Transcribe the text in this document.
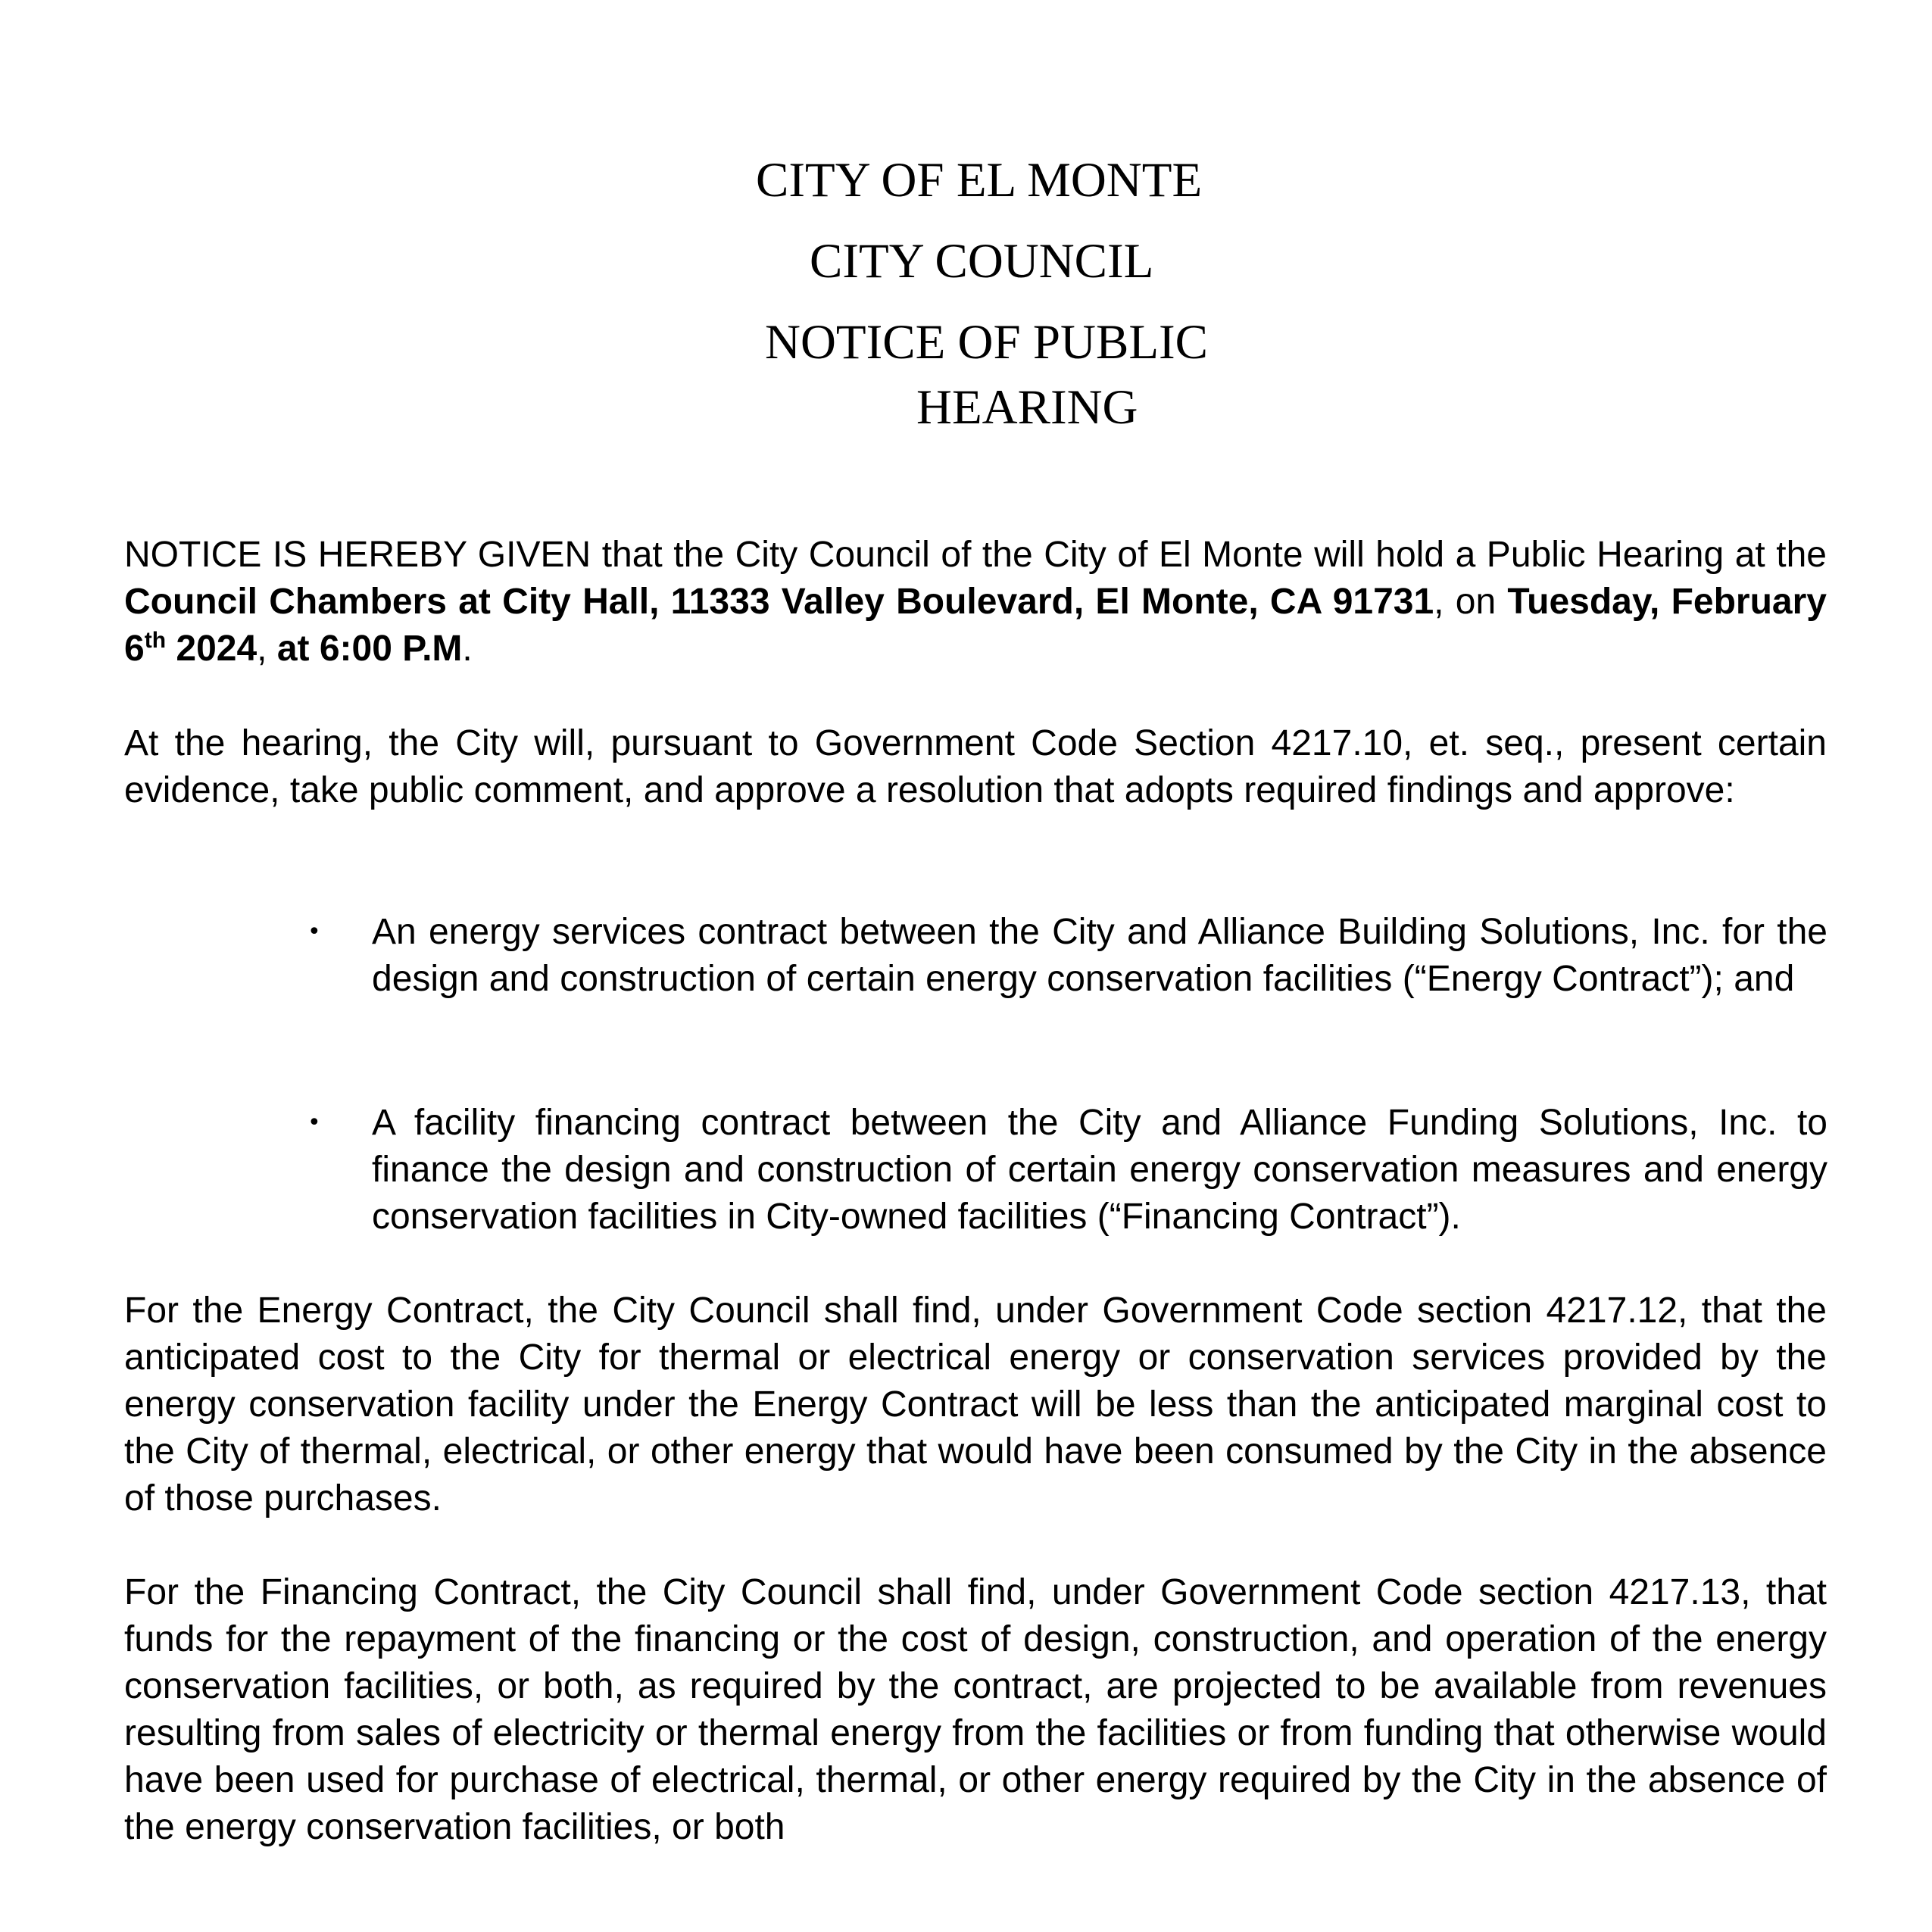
CITY OF EL MONTE
CITY COUNCIL
NOTICE OF PUBLIC
HEARING

NOTICE IS HEREBY GIVEN that the City Council of the City of El Monte will hold a Public Hearing at the Council Chambers at City Hall, 11333 Valley Boulevard, El Monte, CA 91731, on Tuesday, February 6th 2024, at 6:00 P.M.

At the hearing, the City will, pursuant to Government Code Section 4217.10, et. seq., present certain evidence, take public comment, and approve a resolution that adopts required findings and approve:

• An energy services contract between the City and Alliance Building Solutions, Inc. for the design and construction of certain energy conservation facilities (“Energy Contract”); and
• A facility financing contract between the City and Alliance Funding Solutions, Inc. to finance the design and construction of certain energy conservation measures and energy conservation facilities in City-owned facilities (“Financing Contract”).

For the Energy Contract, the City Council shall find, under Government Code section 4217.12, that the anticipated cost to the City for thermal or electrical energy or conservation services provided by the energy conservation facility under the Energy Contract will be less than the anticipated marginal cost to the City of thermal, electrical, or other energy that would have been consumed by the City in the absence of those purchases.

For the Financing Contract, the City Council shall find, under Government Code section 4217.13, that funds for the repayment of the financing or the cost of design, construction, and operation of the energy conservation facilities, or both, as required by the contract, are projected to be available from revenues resulting from sales of electricity or thermal energy from the facilities or from funding that otherwise would have been used for purchase of electrical, thermal, or other energy required by the City in the absence of the energy conservation facilities, or both
